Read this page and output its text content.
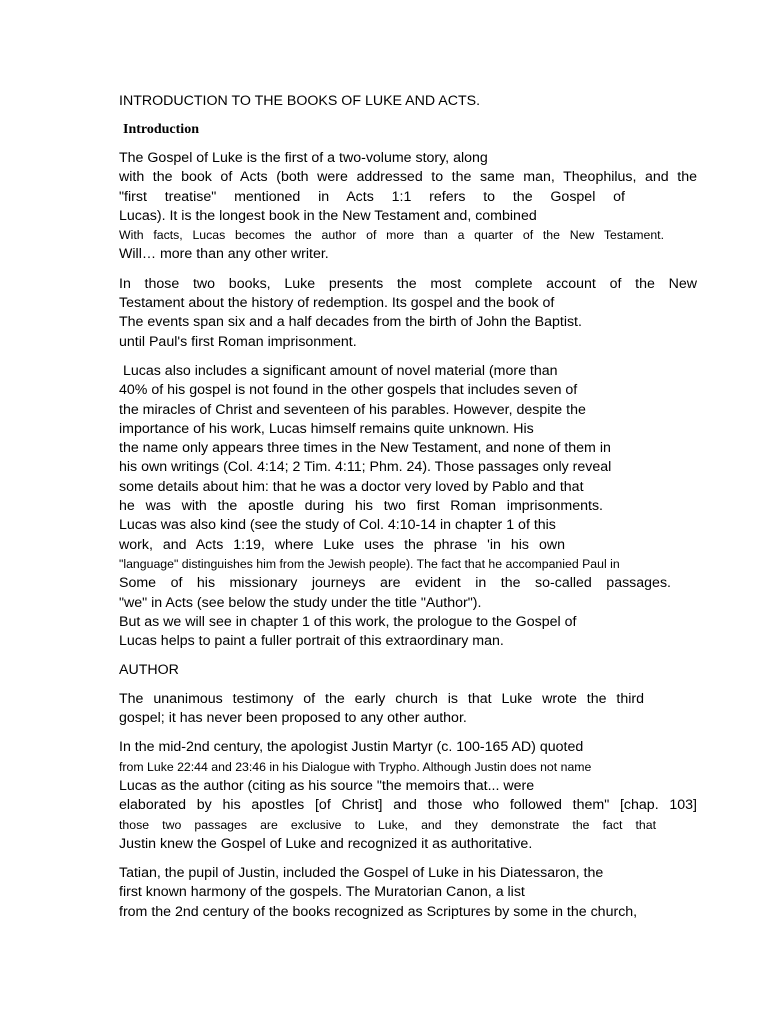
INTRODUCTION TO THE BOOKS OF LUKE AND ACTS.
Introduction
The Gospel of Luke is the first of a two-volume story, along
with the book of Acts (both were addressed to the same man, Theophilus, and the
"first treatise" mentioned in Acts 1:1 refers to the Gospel of
Lucas). It is the longest book in the New Testament and, combined
With facts, Lucas becomes the author of more than a quarter of the New Testament.
Will… more than any other writer.
In those two books, Luke presents the most complete account of the New
Testament about the history of redemption. Its gospel and the book of
The events span six and a half decades from the birth of John the Baptist.
until Paul's first Roman imprisonment.
Lucas also includes a significant amount of novel material (more than
40% of his gospel is not found in the other gospels that includes seven of
the miracles of Christ and seventeen of his parables. However, despite the
importance of his work, Lucas himself remains quite unknown. His
the name only appears three times in the New Testament, and none of them in
his own writings (Col. 4:14; 2 Tim. 4:11; Phm. 24). Those passages only reveal
some details about him: that he was a doctor very loved by Pablo and that
he was with the apostle during his two first Roman imprisonments.
Lucas was also kind (see the study of Col. 4:10-14 in chapter 1 of this
work, and Acts 1:19, where Luke uses the phrase 'in his own
"language" distinguishes him from the Jewish people). The fact that he accompanied Paul in
Some of his missionary journeys are evident in the so-called passages.
"we" in Acts (see below the study under the title "Author").
But as we will see in chapter 1 of this work, the prologue to the Gospel of
Lucas helps to paint a fuller portrait of this extraordinary man.
AUTHOR
The unanimous testimony of the early church is that Luke wrote the third
gospel; it has never been proposed to any other author.
In the mid-2nd century, the apologist Justin Martyr (c. 100-165 AD) quoted
from Luke 22:44 and 23:46 in his Dialogue with Trypho. Although Justin does not name
Lucas as the author (citing as his source "the memoirs that... were
elaborated by his apostles [of Christ] and those who followed them" [chap. 103]
those two passages are exclusive to Luke, and they demonstrate the fact that
Justin knew the Gospel of Luke and recognized it as authoritative.
Tatian, the pupil of Justin, included the Gospel of Luke in his Diatessaron, the
first known harmony of the gospels. The Muratorian Canon, a list
from the 2nd century of the books recognized as Scriptures by some in the church,
